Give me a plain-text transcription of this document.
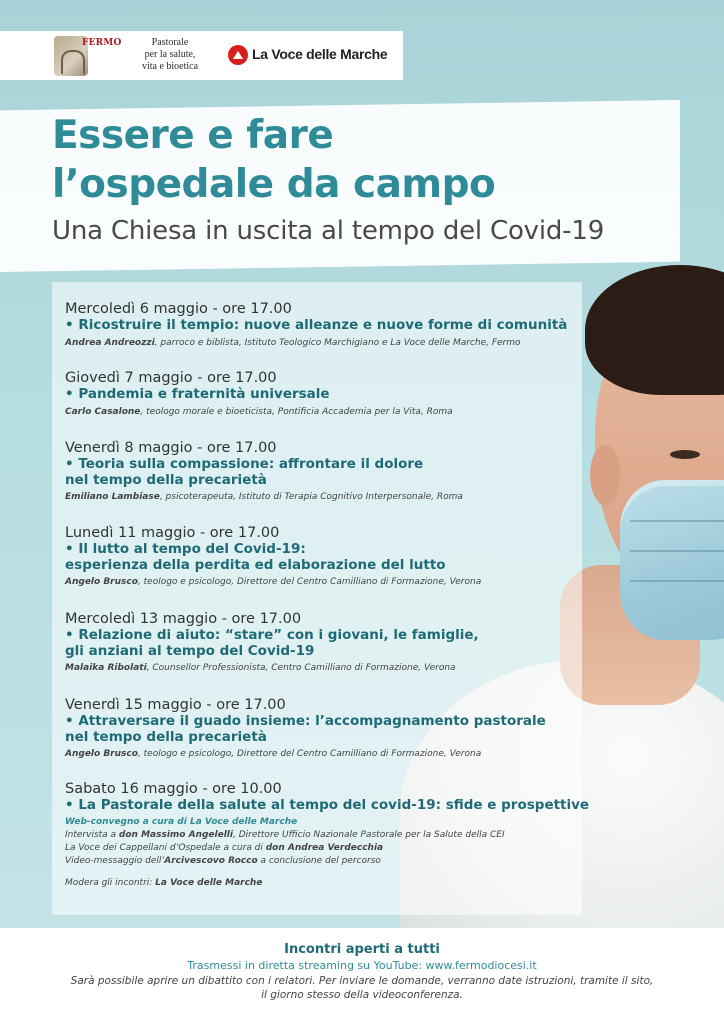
FERMO	Pastorale
per la salute,
vita e bioetica
La Voce delle Marche
Essere e fare
l’ospedale da campo
Una Chiesa in uscita al tempo del Covid-19
Mercoledì 6 maggio - ore 17.00
• Ricostruire il tempio: nuove alleanze e nuove forme di comunità
Andrea Andreozzi, parroco e biblista, Istituto Teologico Marchigiano e La Voce delle Marche, Fermo
Giovedì 7 maggio - ore 17.00
• Pandemia e fraternità universale
Carlo Casalone, teologo morale e bioeticista, Pontificia Accademia per la Vita, Roma
Venerdì 8 maggio - ore 17.00
• Teoria sulla compassione: affrontare il dolore
nel tempo della precarietà
Emiliano Lambiase, psicoterapeuta, Istituto di Terapia Cognitivo Interpersonale, Roma
Lunedì 11 maggio - ore 17.00
• Il lutto al tempo del Covid-19:
esperienza della perdita ed elaborazione del lutto
Angelo Brusco, teologo e psicologo, Direttore del Centro Camilliano di Formazione, Verona
Mercoledì 13 maggio - ore 17.00
• Relazione di aiuto: “stare” con i giovani, le famiglie,
gli anziani al tempo del Covid-19
Malaika Ribolati, Counsellor Professionista, Centro Camilliano di Formazione, Verona
Venerdì 15 maggio - ore 17.00
• Attraversare il guado insieme: l’accompagnamento pastorale
nel tempo della precarietà
Angelo Brusco, teologo e psicologo, Direttore del Centro Camilliano di Formazione, Verona
Sabato 16 maggio - ore 10.00
• La Pastorale della salute al tempo del covid-19: sfide e prospettive
Web-convegno a cura di La Voce delle Marche
Intervista a don Massimo Angelelli, Direttore Ufficio Nazionale Pastorale per la Salute della CEI
La Voce dei Cappellani d’Ospedale a cura di don Andrea Verdecchia
Video-messaggio dell’Arcivescovo Rocco a conclusione del percorso
Modera gli incontri: La Voce delle Marche
Incontri aperti a tutti
Trasmessi in diretta streaming su YouTube: www.fermodiocesi.it
Sarà possibile aprire un dibattito con i relatori. Per inviare le domande, verranno date istruzioni, tramite il sito,
il giorno stesso della videoconferenza.
